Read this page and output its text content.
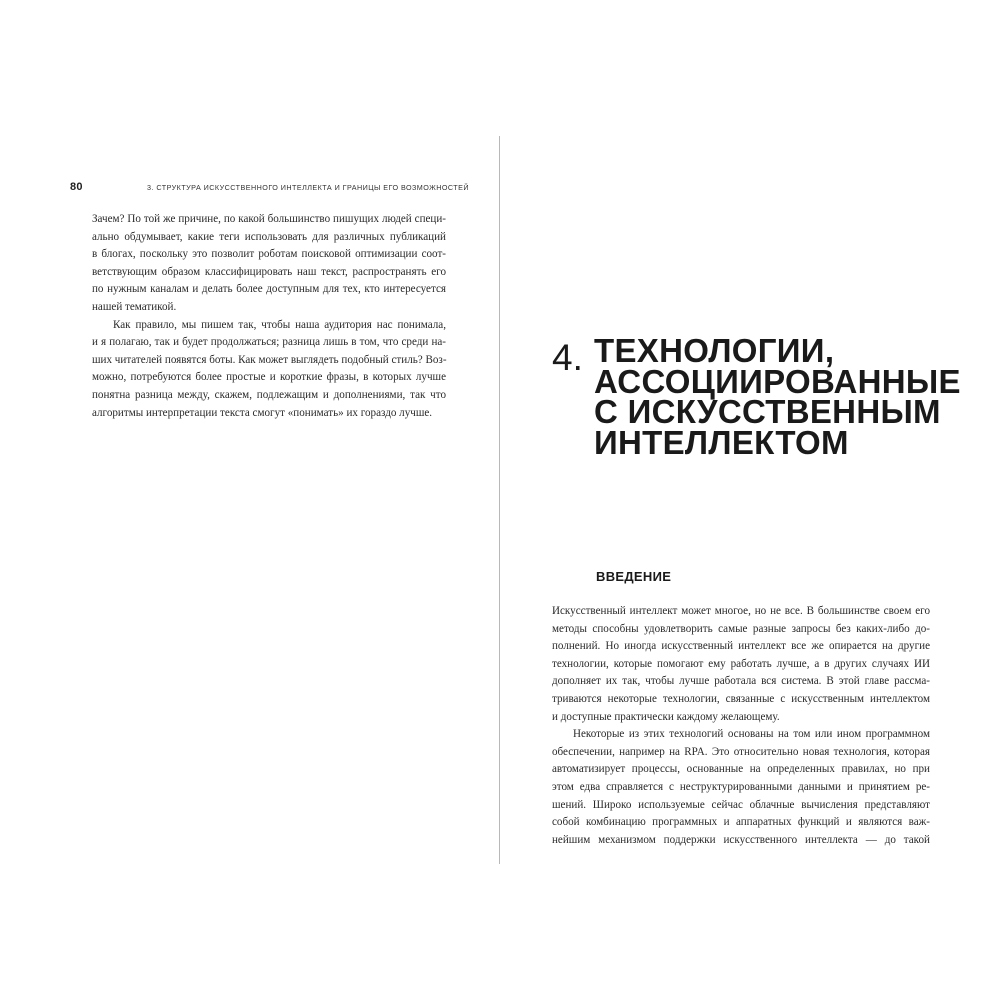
80	3. СТРУКТУРА ИСКУССТВЕННОГО ИНТЕЛЛЕКТА И ГРАНИЦЫ ЕГО ВОЗМОЖНОСТЕЙ
Зачем? По той же причине, по какой большинство пишущих людей специ-
ально обдумывает, какие теги использовать для различных публикаций
в блогах, поскольку это позволит роботам поисковой оптимизации соот-
ветствующим образом классифицировать наш текст, распространять его
по нужным каналам и делать более доступным для тех, кто интересуется
нашей тематикой.
Как правило, мы пишем так, чтобы наша аудитория нас понимала,
и я полагаю, так и будет продолжаться; разница лишь в том, что среди на-
ших читателей появятся боты. Как может выглядеть подобный стиль? Воз-
можно, потребуются более простые и короткие фразы, в которых лучше
понятна разница между, скажем, подлежащим и дополнениями, так что
алгоритмы интерпретации текста смогут «понимать» их гораздо лучше.
4. ТЕХНОЛОГИИ,
АССОЦИИРОВАННЫЕ
С ИСКУССТВЕННЫМ
ИНТЕЛЛЕКТОМ
ВВЕДЕНИЕ
Искусственный интеллект может многое, но не все. В большинстве своем его
методы способны удовлетворить самые разные запросы без каких-либо до-
полнений. Но иногда искусственный интеллект все же опирается на другие
технологии, которые помогают ему работать лучше, а в других случаях ИИ
дополняет их так, чтобы лучше работала вся система. В этой главе рассма-
триваются некоторые технологии, связанные с искусственным интеллектом
и доступные практически каждому желающему.
Некоторые из этих технологий основаны на том или ином программном
обеспечении, например на RPA. Это относительно новая технология, которая
автоматизирует процессы, основанные на определенных правилах, но при
этом едва справляется с неструктурированными данными и принятием ре-
шений. Широко используемые сейчас облачные вычисления представляют
собой комбинацию программных и аппаратных функций и являются важ-
нейшим механизмом поддержки искусственного интеллекта — до такой
